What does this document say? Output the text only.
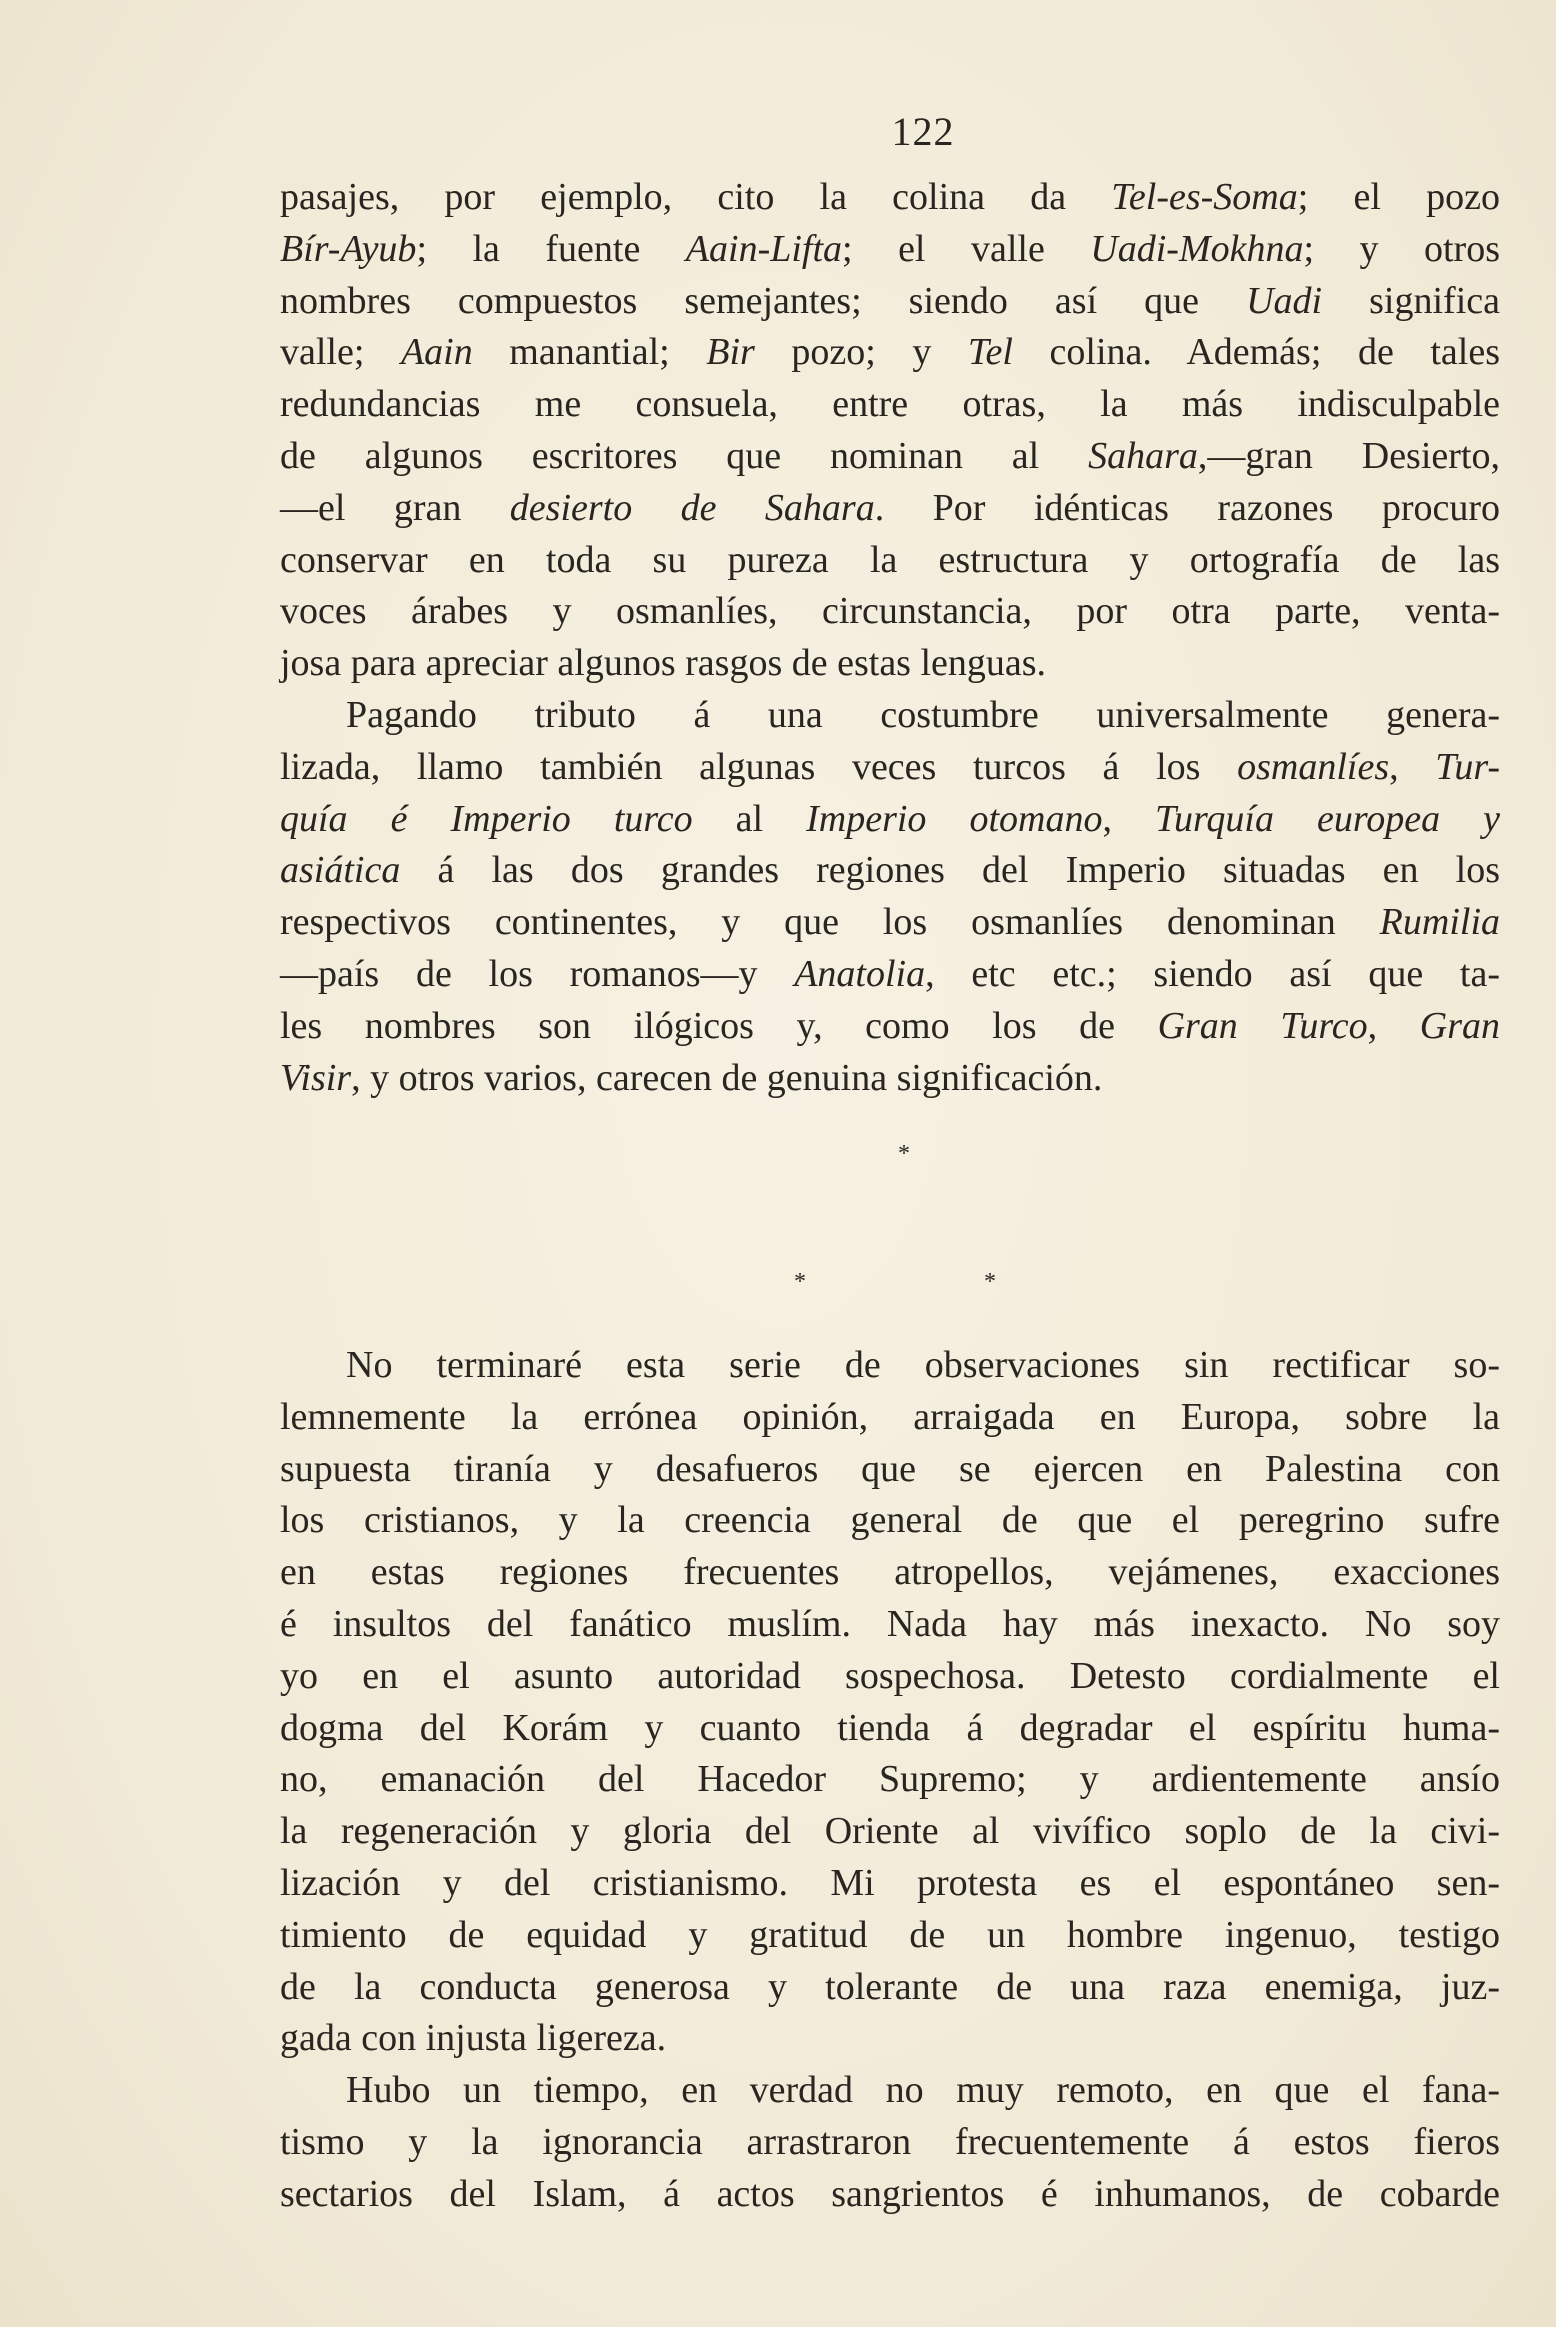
122
pasajes, por ejemplo, cito la colina da Tel-es-Soma; el pozo
Bír-Ayub; la fuente Aain-Lifta; el valle Uadi-Mokhna; y otros
nombres compuestos semejantes; siendo así que Uadi significa
valle; Aain manantial; Bir pozo; y Tel colina. Además; de tales
redundancias me consuela, entre otras, la más indisculpable
de algunos escritores que nominan al Sahara,—gran Desierto,
—el gran desierto de Sahara. Por idénticas razones procuro
conservar en toda su pureza la estructura y ortografía de las
voces árabes y osmanlíes, circunstancia, por otra parte, venta-
josa para apreciar algunos rasgos de estas lenguas.
Pagando tributo á una costumbre universalmente genera-
lizada, llamo también algunas veces turcos á los osmanlíes, Tur-
quía é Imperio turco al Imperio otomano, Turquía europea y
asiática á las dos grandes regiones del Imperio situadas en los
respectivos continentes, y que los osmanlíes denominan Rumilia
—país de los romanos—y Anatolia, etc etc.; siendo así que ta-
les nombres son ilógicos y, como los de Gran Turco, Gran
Visir, y otros varios, carecen de genuina significación.
*
*	*
No terminaré esta serie de observaciones sin rectificar so-
lemnemente la errónea opinión, arraigada en Europa, sobre la
supuesta tiranía y desafueros que se ejercen en Palestina con
los cristianos, y la creencia general de que el peregrino sufre
en estas regiones frecuentes atropellos, vejámenes, exacciones
é insultos del fanático muslím. Nada hay más inexacto. No soy
yo en el asunto autoridad sospechosa. Detesto cordialmente el
dogma del Korám y cuanto tienda á degradar el espíritu huma-
no, emanación del Hacedor Supremo; y ardientemente ansío
la regeneración y gloria del Oriente al vivífico soplo de la civi-
lización y del cristianismo. Mi protesta es el espontáneo sen-
timiento de equidad y gratitud de un hombre ingenuo, testigo
de la conducta generosa y tolerante de una raza enemiga, juz-
gada con injusta ligereza.
Hubo un tiempo, en verdad no muy remoto, en que el fana-
tismo y la ignorancia arrastraron frecuentemente á estos fieros
sectarios del Islam, á actos sangrientos é inhumanos, de cobarde
